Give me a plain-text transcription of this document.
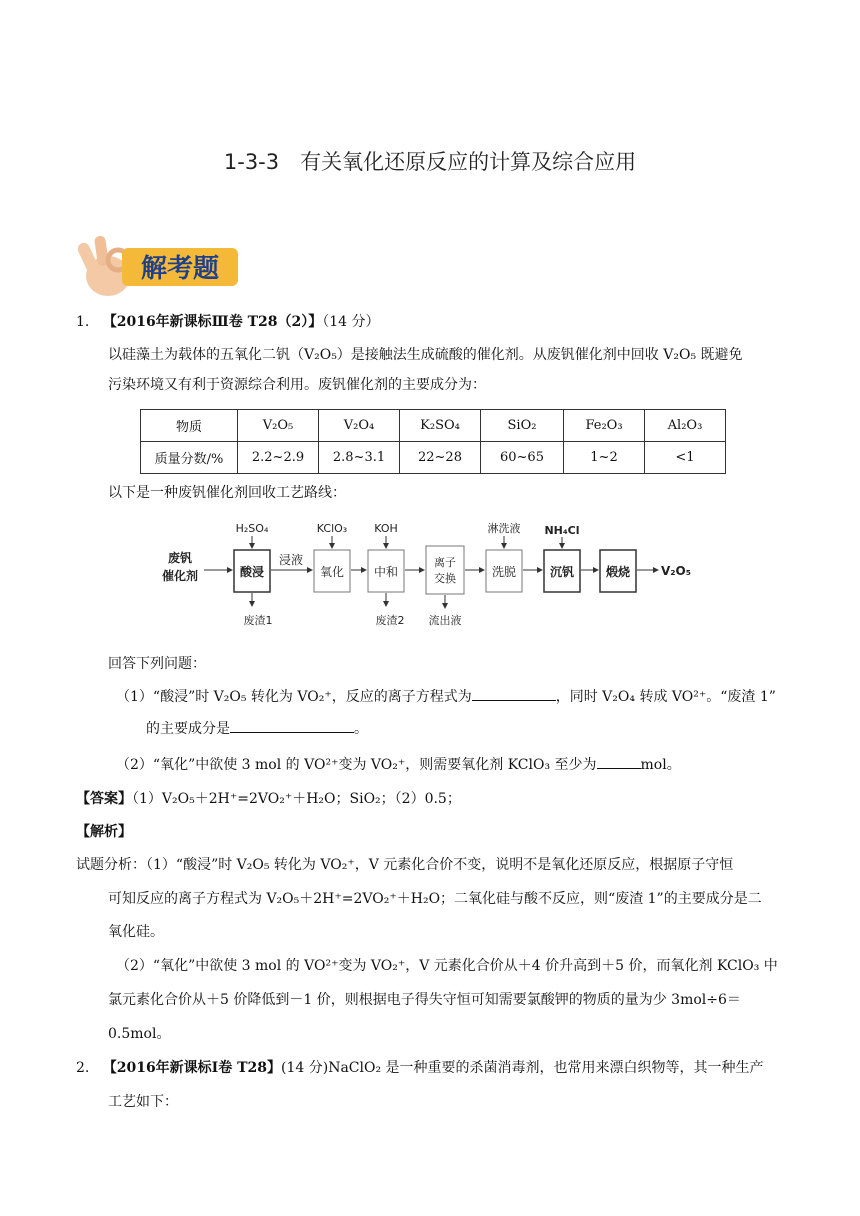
1-3-3　有关氧化还原反应的计算及综合应用
解考题
1. 【2016年新课标Ⅲ卷 T28（2）】（14 分）
以硅藻土为载体的五氧化二钒（V₂O₅）是接触法生成硫酸的催化剂。从废钒催化剂中回收 V₂O₅ 既避免
污染环境又有利于资源综合利用。废钒催化剂的主要成分为：
物质	V₂O₅	V₂O₄	K₂SO₄	SiO₂	Fe₂O₃	Al₂O₃
质量分数/%	2.2~2.9	2.8~3.1	22~28	60~65	1~2	<1
以下是一种废钒催化剂回收工艺路线：
废钒
催化剂	酸浸
浸液
氧化 中和
离子
交换	洗脱	沉钒	煅烧	V₂O₅
H₂SO₄	KClO₃ KOH	淋洗液 NH₄Cl
废渣1	废渣2 流出液
回答下列问题：
（1）“酸浸”时 V₂O₅ 转化为 VO₂⁺，反应的离子方程式为	，同时 V₂O₄ 转成 VO²⁺。“废渣 1”
的主要成分是	。
（2）“氧化”中欲使 3 mol 的 VO²⁺变为 VO₂⁺，则需要氧化剂 KClO₃ 至少为	mol。
【答案】（1）V₂O₅＋2H⁺=2VO₂⁺＋H₂O；SiO₂；（2）0.5；
【解析】
试题分析：（1）“酸浸”时 V₂O₅ 转化为 VO₂⁺，V 元素化合价不变，说明不是氧化还原反应，根据原子守恒
可知反应的离子方程式为 V₂O₅＋2H⁺=2VO₂⁺＋H₂O；二氧化硅与酸不反应，则“废渣 1”的主要成分是二
氧化硅。
（2）“氧化”中欲使 3 mol 的 VO²⁺变为 VO₂⁺，V 元素化合价从＋4 价升高到＋5 价，而氧化剂 KClO₃ 中
氯元素化合价从＋5 价降低到－1 价，则根据电子得失守恒可知需要氯酸钾的物质的量为少 3mol÷6＝
0.5mol。
2. 【2016年新课标Ⅰ卷 T28】(14 分)NaClO₂ 是一种重要的杀菌消毒剂，也常用来漂白织物等，其一种生产
工艺如下：
